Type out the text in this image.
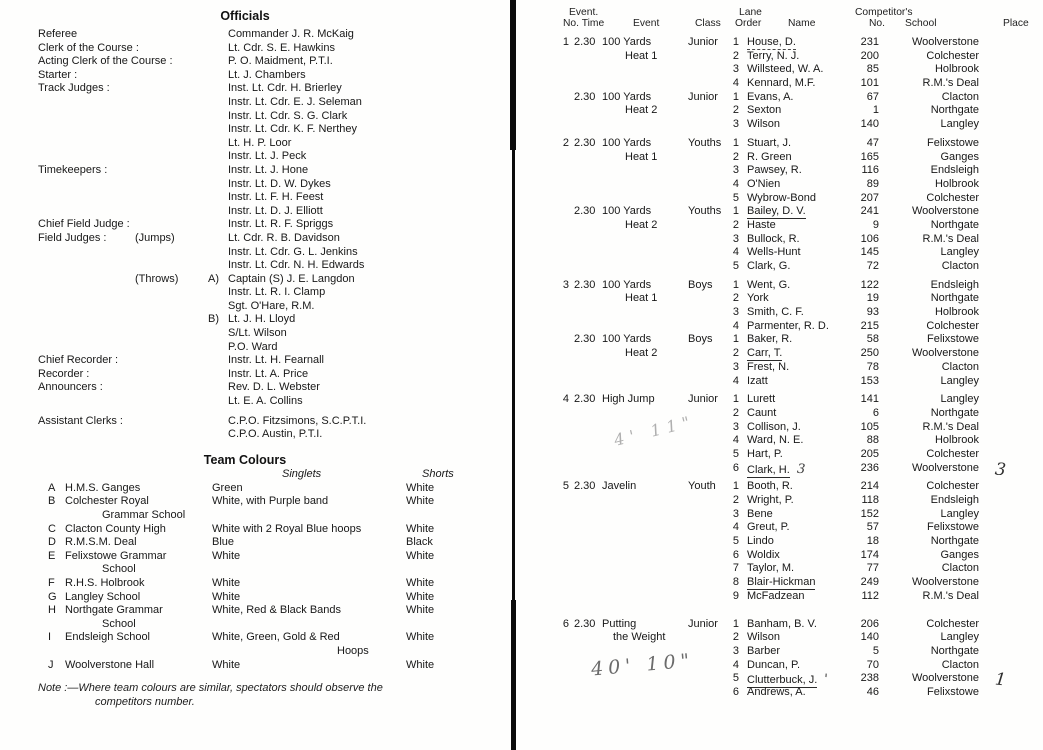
Officials
Referee	Commander J. R. McKaig
Clerk of the Course :	Lt. Cdr. S. E. Hawkins
Acting Clerk of the Course :	P. O. Maidment, P.T.I.
Starter :	Lt. J. Chambers
Track Judges :	Inst. Lt. Cdr. H. Brierley
Instr. Lt. Cdr. E. J. Seleman
Instr. Lt. Cdr. S. G. Clark
Instr. Lt. Cdr. K. F. Nerthey
Lt. H. P. Loor
Instr. Lt. J. Peck
Timekeepers :	Instr. Lt. J. Hone
Instr. Lt. D. W. Dykes
Instr. Lt. F. H. Feest
Instr. Lt. D. J. Elliott
Chief Field Judge :	Instr. Lt. R. F. Spriggs
Field Judges :	(Jumps)	Lt. Cdr. R. B. Davidson
Instr. Lt. Cdr. G. L. Jenkins
Instr. Lt. Cdr. N. H. Edwards
(Throws)	A) Captain (S) J. E. Langdon
Instr. Lt. R. I. Clamp
Sgt. O'Hare, R.M.
B) Lt. J. H. Lloyd
S/Lt. Wilson
P.O. Ward
Chief Recorder :	Instr. Lt. H. Fearnall
Recorder :	Instr. Lt. A. Price
Announcers :	Rev. D. L. Webster
Lt. E. A. Collins
Assistant Clerks :	C.P.O. Fitzsimons, S.C.P.T.I.
C.P.O. Austin, P.T.I.
Team Colours
Singlets	Shorts
A H.M.S. Ganges	Green	White
B Colchester Royal	White, with Purple band	White
Grammar School
C Clacton County High	White with 2 Royal Blue hoops	White
D R.M.S.M. Deal	Blue	Black
E Felixstowe Grammar	White	White
School
F R.H.S. Holbrook	White	White
G Langley School	White	White
H Northgate Grammar	White, Red & Black Bands	White
School
I Endsleigh School	White, Green, Gold & Red	White
Hoops
J Woolverstone Hall	White	White
Note :—Where team colours are similar, spectators should observe the
competitors number.
Event.
No. Time	Event	Class
Lane
Order	Name
Competitor's
No. School	Place
1 2.30 100 Yards	Junior	1 House, D.	231	Woolverstone
Heat 1	2 Terry, N. J.	200	Colchester
3 Willsteed, W. A.	85	Holbrook
4 Kennard, M.F.	101	R.M.'s Deal
2.30 100 Yards	Junior	1 Evans, A.	67	Clacton
Heat 2	2 Sexton	1	Northgate
3 Wilson	140	Langley
2 2.30 100 Yards	Youths	1 Stuart, J.	47	Felixstowe
Heat 1	2 R. Green	165	Ganges
3 Pawsey, R.	116	Endsleigh
4 O'Nien	89	Holbrook
5 Wybrow-Bond	207	Colchester
2.30 100 Yards	Youths	1 Bailey, D. V.	241	Woolverstone
Heat 2	2 Haste	9	Northgate
3 Bullock, R.	106	R.M.'s Deal
4 Wells-Hunt	145	Langley
5 Clark, G.	72	Clacton
3 2.30 100 Yards	Boys	1 Went, G.	122	Endsleigh
Heat 1	2 York	19	Northgate
3 Smith, C. F.	93	Holbrook
4 Parmenter, R. D.	215	Colchester
2.30 100 Yards	Boys	1 Baker, R.	58	Felixstowe
Heat 2	2 Carr, T.	250	Woolverstone
3 Frest, N.	78	Clacton
4 Izatt	153	Langley
4 2.30 High Jump	Junior	1 Lurett	141	Langley
2 Caunt	6	Northgate
3 Collison, J.	105	R.M.'s Deal
4 Ward, N. E.	88	Holbrook
5 Hart, P.	205	Colchester
6 Clark, H. 3	236	Woolverstone 3
4' 11"
5 2.30 Javelin	Youth	1 Booth, R.	214	Colchester
2 Wright, P.	118	Endsleigh
3 Bene	152	Langley
4 Greut, P.	57	Felixstowe
5 Lindo	18	Northgate
6 Woldix	174	Ganges
7 Taylor, M.	77	Clacton
8 Blair-Hickman	249	Woolverstone
9 McFadzean	112	R.M.'s Deal
6 2.30 Putting	Junior	1 Banham, B. V.	206	Colchester
the Weight	2 Wilson	140	Langley
3 Barber	5	Northgate
4 Duncan, P.	70	Clacton
5 Clutterbuck, J. '	238	Woolverstone 1
6 Andrews, A.	46	Felixstowe
40' 10"
